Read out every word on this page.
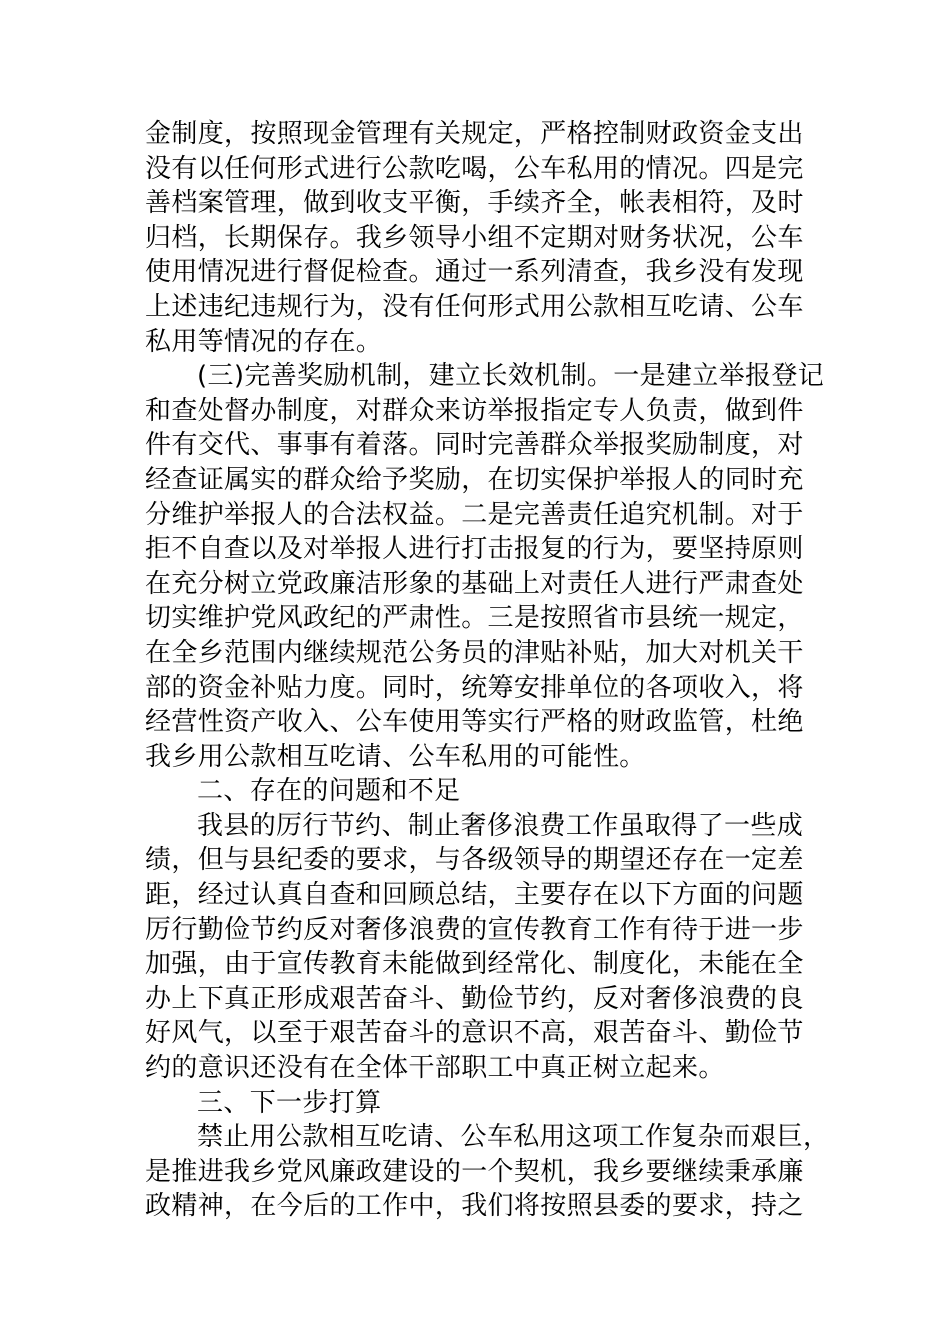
金制度，按照现金管理有关规定，严格控制财政资金支出
没有以任何形式进行公款吃喝，公车私用的情况。四是完
善档案管理，做到收支平衡，手续齐全，帐表相符，及时
归档，长期保存。我乡领导小组不定期对财务状况，公车
使用情况进行督促检查。通过一系列清查，我乡没有发现
上述违纪违规行为，没有任何形式用公款相互吃请、公车
私用等情况的存在。
(三)完善奖励机制，建立长效机制。一是建立举报登记
和查处督办制度，对群众来访举报指定专人负责，做到件
件有交代、事事有着落。同时完善群众举报奖励制度，对
经查证属实的群众给予奖励，在切实保护举报人的同时充
分维护举报人的合法权益。二是完善责任追究机制。对于
拒不自查以及对举报人进行打击报复的行为，要坚持原则
在充分树立党政廉洁形象的基础上对责任人进行严肃查处
切实维护党风政纪的严肃性。三是按照省市县统一规定，
在全乡范围内继续规范公务员的津贴补贴，加大对机关干
部的资金补贴力度。同时，统筹安排单位的各项收入，将
经营性资产收入、公车使用等实行严格的财政监管，杜绝
我乡用公款相互吃请、公车私用的可能性。
二、存在的问题和不足
我县的厉行节约、制止奢侈浪费工作虽取得了一些成
绩，但与县纪委的要求，与各级领导的期望还存在一定差
距，经过认真自查和回顾总结，主要存在以下方面的问题
厉行勤俭节约反对奢侈浪费的宣传教育工作有待于进一步
加强，由于宣传教育未能做到经常化、制度化，未能在全
办上下真正形成艰苦奋斗、勤俭节约，反对奢侈浪费的良
好风气，以至于艰苦奋斗的意识不高，艰苦奋斗、勤俭节
约的意识还没有在全体干部职工中真正树立起来。
三、下一步打算
禁止用公款相互吃请、公车私用这项工作复杂而艰巨，
是推进我乡党风廉政建设的一个契机，我乡要继续秉承廉
政精神，在今后的工作中，我们将按照县委的要求，持之
